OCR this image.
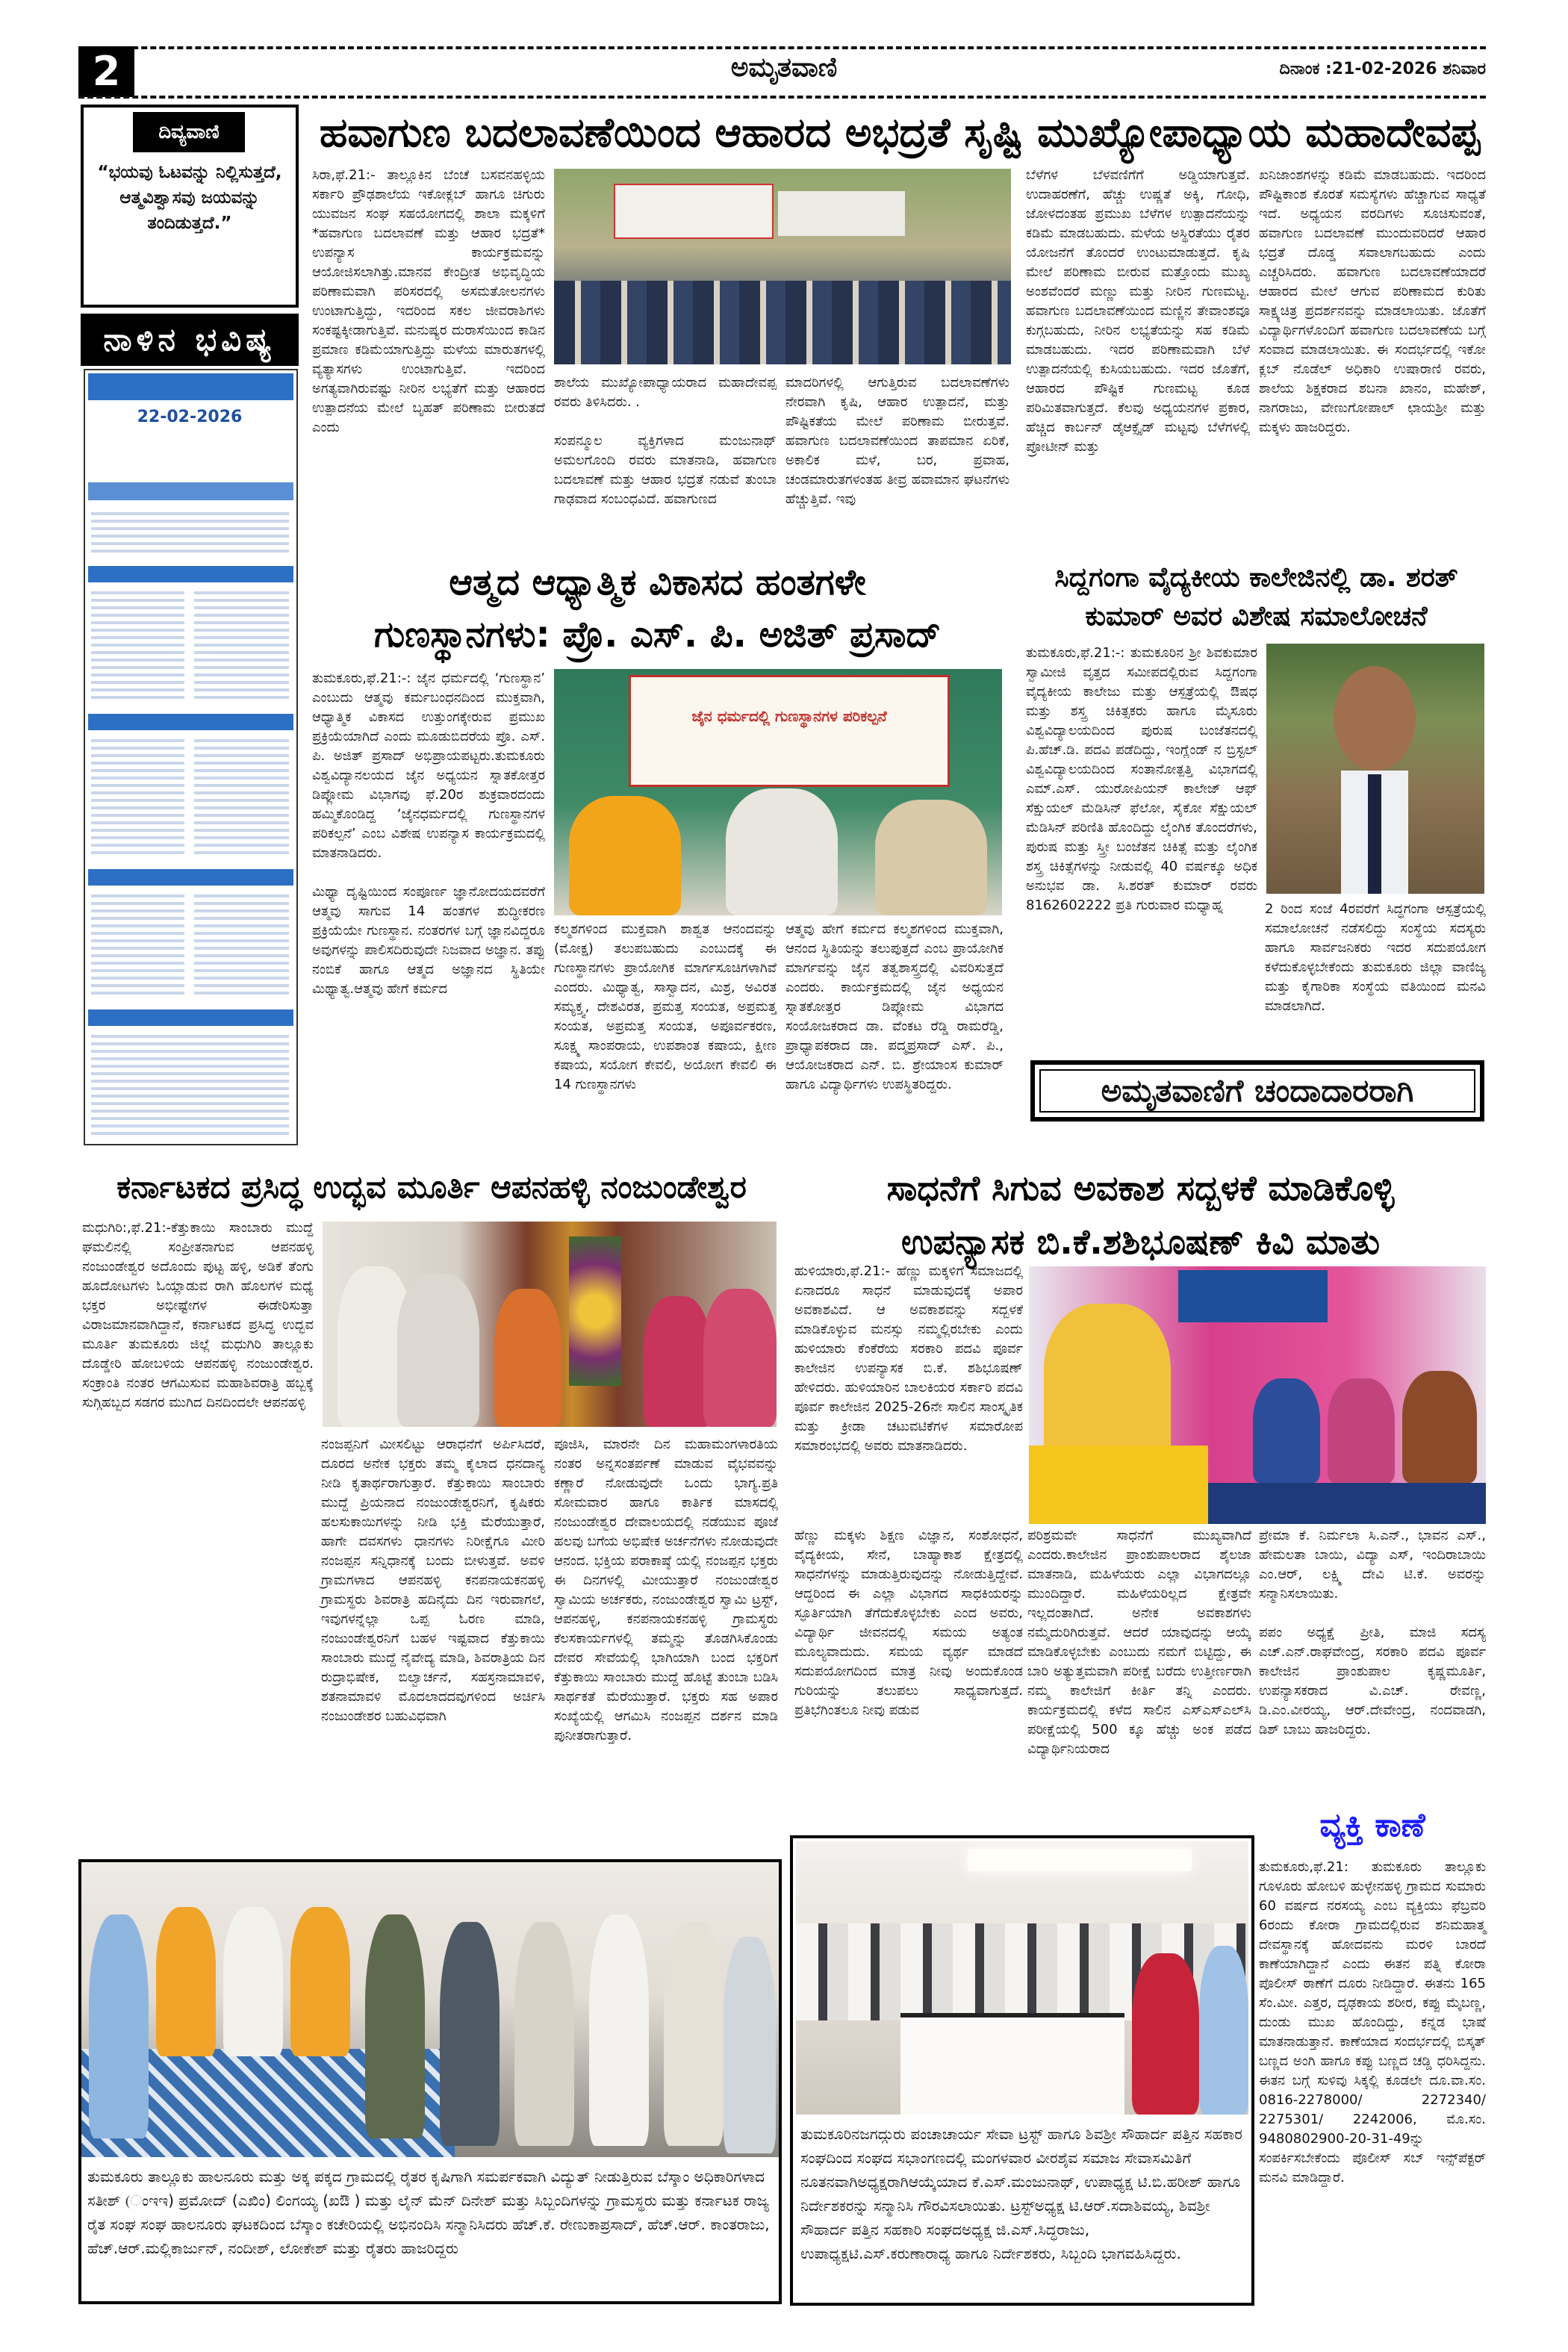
2	ಅಮೃತವಾಣಿ	ದಿನಾಂಕ :21-02-2026 ಶನಿವಾರ
ದಿವ್ಯವಾಣಿ
“ಭಯವು ಓಟವನ್ನು ನಿಲ್ಲಿಸುತ್ತದೆ, ಆತ್ಮವಿಶ್ವಾಸವು ಜಯವನ್ನು ತಂದಿಡುತ್ತದೆ.”
ನಾಳಿನ ಭವಿಷ್ಯ
22-02-2026
ಹವಾಗುಣ ಬದಲಾವಣೆಯಿಂದ ಆಹಾರದ ಅಭದ್ರತೆ ಸೃಷ್ಟಿ ಮುಖ್ಯೋಪಾಧ್ಯಾಯ ಮಹಾದೇವಪ್ಪ

ಸಿರಾ,ಫೆ.21:- ತಾಲ್ಲೂಕಿನ ಬೆಂಚೆ ಬಸವನಹಳ್ಳಿಯ ಸರ್ಕಾರಿ ಪ್ರೌಢಶಾಲೆಯ ಇಕೋಕ್ಲಬ್ ಹಾಗೂ ಚಿಗುರು ಯುವಜನ ಸಂಘ ಸಹಯೋಗದಲ್ಲಿ ಶಾಲಾ ಮಕ್ಕಳಿಗೆ *ಹವಾಗುಣ ಬದಲಾವಣೆ ಮತ್ತು ಆಹಾರ ಭದ್ರತೆ* ಉಪನ್ಯಾಸ ಕಾರ್ಯಕ್ರಮವನ್ನು ಆಯೋಜಿಸಲಾಗಿತ್ತು.ಮಾನವ ಕೇಂದ್ರೀತ ಅಭಿವೃದ್ಧಿಯ ಪರಿಣಾಮವಾಗಿ ಪರಿಸರದಲ್ಲಿ ಅಸಮತೋಲನಗಳು ಉಂಟಾಗುತ್ತಿದ್ದು, ಇದರಿಂದ ಸಕಲ ಜೀವರಾಶಿಗಳು ಸಂಕಷ್ಟಕ್ಕೀಡಾಗುತ್ತಿವೆ. ಮನುಷ್ಯರ ದುರಾಸೆಯಿಂದ ಕಾಡಿನ ಪ್ರಮಾಣ ಕಡಿಮೆಯಾಗುತ್ತಿದ್ದು ಮಳೆಯ ಮಾರುತಗಳಲ್ಲಿ ವ್ಯತ್ಯಾಸಗಳು ಉಂಟಾಗುತ್ತಿವೆ. ಇದರಿಂದ ಅಗತ್ಯವಾಗಿರುವಷ್ಟು ನೀರಿನ ಲಭ್ಯತೆಗೆ ಮತ್ತು ಆಹಾರದ ಉತ್ಪಾದನೆಯ ಮೇಲೆ ಬೃಹತ್ ಪರಿಣಾಮ ಬೀರುತದೆ ಎಂದು

ಶಾಲೆಯ ಮುಖ್ಯೋಪಾಧ್ಯಾಯರಾದ ಮಹಾದೇವಪ್ಪ ರವರು ತಿಳಿಸಿದರು. .

ಸಂಪನ್ಮೂಲ ವ್ಯಕ್ತಿಗಳಾದ ಮಂಜುನಾಥ್ ಅಮಲಗೊಂದಿ ರವರು ಮಾತನಾಡಿ, ಹವಾಗುಣ ಬದಲಾವಣೆ ಮತ್ತು ಆಹಾರ ಭದ್ರತೆ ನಡುವೆ ತುಂಬಾ ಗಾಢವಾದ ಸಂಬಂಧವಿದೆ. ಹವಾಗುಣದ

ಮಾದರಿಗಳಲ್ಲಿ ಆಗುತ್ತಿರುವ ಬದಲಾವಣೆಗಳು ನೇರವಾಗಿ ಕೃಷಿ, ಆಹಾರ ಉತ್ಪಾದನೆ, ಮತ್ತು ಪೌಷ್ಟಿಕತೆಯ ಮೇಲೆ ಪರಿಣಾಮ ಬೀರುತ್ತವೆ. ಹವಾಗುಣ ಬದಲಾವಣೆಯಿಂದ ತಾಪಮಾನ ಏರಿಕೆ, ಅಕಾಲಿಕ ಮಳೆ, ಬರ, ಪ್ರವಾಹ, ಚಂಡಮಾರುತಗಳಂತಹ ತೀವ್ರ ಹವಾಮಾನ ಘಟನೆಗಳು ಹೆಚ್ಚುತ್ತಿವೆ. ಇವು

ಬೆಳೆಗಳ ಬೆಳವಣಿಗೆಗೆ ಅಡ್ಡಿಯಾಗುತ್ತವೆ. ಉದಾಹರಣೆಗೆ, ಹೆಚ್ಚು ಉಷ್ಣತೆ ಅಕ್ಕಿ, ಗೋಧಿ, ಜೋಳದಂತಹ ಪ್ರಮುಖ ಬೆಳೆಗಳ ಉತ್ಪಾದನೆಯನ್ನು ಕಡಿಮೆ ಮಾಡಬಹುದು. ಮಳೆಯ ಅಸ್ಥಿರತೆಯು ರೈತರ ಯೋಜನೆಗೆ ತೊಂದರೆ ಉಂಟುಮಾಡುತ್ತದೆ. ಕೃಷಿ ಮೇಲೆ ಪರಿಣಾಮ ಬೀರುವ ಮತ್ತೊಂದು ಮುಖ್ಯ ಅಂಶವೆಂದರೆ ಮಣ್ಣು ಮತ್ತು ನೀರಿನ ಗುಣಮಟ್ಟ. ಹವಾಗುಣ ಬದಲಾವಣೆಯಿಂದ ಮಣ್ಣಿನ ತೇವಾಂಶವೂ ಕುಗ್ಗಬಹುದು, ನೀರಿನ ಲಭ್ಯತೆಯನ್ನು ಸಹ ಕಡಿಮೆ ಮಾಡಬಹುದು. ಇದರ ಪರಿಣಾಮವಾಗಿ ಬೆಳೆ ಉತ್ಪಾದನೆಯಲ್ಲಿ ಕುಸಿಯಬಹುದು. ಇದರ ಜೊತೆಗೆ, ಆಹಾರದ ಪೌಷ್ಟಿಕ ಗುಣಮಟ್ಟ ಕೂಡ ಪರಿಮಿತವಾಗುತ್ತದೆ. ಕೆಲವು ಅಧ್ಯಯನಗಳ ಪ್ರಕಾರ, ಹೆಚ್ಚಿದ ಕಾರ್ಬನ್ ಡೈಆಕ್ಸೈಡ್ ಮಟ್ಟವು ಬೆಳೆಗಳಲ್ಲಿ ಪ್ರೋಟೀನ್ ಮತ್ತು

ಖನಿಜಾಂಶಗಳನ್ನು ಕಡಿಮೆ ಮಾಡಬಹುದು. ಇದರಿಂದ ಪೌಷ್ಟಿಕಾಂಶ ಕೊರತೆ ಸಮಸ್ಯೆಗಳು ಹೆಚ್ಚಾಗುವ ಸಾಧ್ಯತೆ ಇದೆ. ಅಧ್ಯಯನ ವರದಿಗಳು ಸೂಚಿಸುವಂತೆ, ಹವಾಗುಣ ಬದಲಾವಣೆ ಮುಂದುವರಿದರೆ ಆಹಾರ ಭದ್ರತೆ ದೊಡ್ಡ ಸವಾಲಾಗಬಹುದು ಎಂದು ಎಚ್ಚರಿಸಿದರು. ಹವಾಗುಣ ಬದಲಾವಣೆಯಾದರೆ ಆಹಾರದ ಮೇಲೆ ಆಗುವ ಪರಿಣಾಮದ ಕುರಿತು ಸಾಕ್ಷ್ಯಚಿತ್ರ ಪ್ರದರ್ಶನವನ್ನು ಮಾಡಲಾಯಿತು. ಜೊತೆಗೆ ವಿದ್ಯಾರ್ಥಿಗಳೊಂದಿಗೆ ಹವಾಗುಣ ಬದಲಾವಣೆಯ ಬಗ್ಗೆ ಸಂವಾದ ಮಾಡಲಾಯಿತು. ಈ ಸಂದರ್ಭದಲ್ಲಿ ಇಕೋ ಕ್ಲಬ್ ನೊಡೆಲ್ ಅಧಿಕಾರಿ ಉಷಾರಾಣಿ ರವರು, ಶಾಲೆಯ ಶಿಕ್ಷಕರಾದ ಶಬನಾ ಖಾನಂ, ಮಹೇಶ್, ನಾಗರಾಜು, ವೇಣುಗೋಪಾಲ್ ಛಾಯಶ್ರೀ ಮತ್ತು ಮಕ್ಕಳು ಹಾಜರಿದ್ದರು.

ಆತ್ಮದ ಆಧ್ಯಾತ್ಮಿಕ ವಿಕಾಸದ ಹಂತಗಳೇ
ಗುಣಸ್ಥಾನಗಳು: ಪ್ರೊ. ಎಸ್. ಪಿ. ಅಜಿತ್ ಪ್ರಸಾದ್

ತುಮಕೂರು,ಫೆ.21:-: ಜೈನ ಧರ್ಮದಲ್ಲಿ ‘ಗುಣಸ್ಥಾನ’ ಎಂಬುದು ಆತ್ಮವು ಕರ್ಮಬಂಧನದಿಂದ ಮುಕ್ತವಾಗಿ, ಆಧ್ಯಾತ್ಮಿಕ ವಿಕಾಸದ ಉತ್ತುಂಗಕ್ಕೇರುವ ಪ್ರಮುಖ ಪ್ರಕ್ರಿಯೆಯಾಗಿದೆ ಎಂದು ಮೂಡುಬಿದರೆಯ ಪ್ರೊ. ಎಸ್. ಪಿ. ಅಜಿತ್ ಪ್ರಸಾದ್ ಅಭಿಪ್ರಾಯಪಟ್ಟರು.ತುಮಕೂರು ವಿಶ್ವವಿದ್ಯಾನಲಯದ ಜೈನ ಅಧ್ಯಯನ ಸ್ನಾತಕೋತ್ತರ ಡಿಪ್ಲೋಮ ವಿಭಾಗವು ಫೆ.20ರ ಶುಕ್ರವಾರದಂದು ಹಮ್ಮಿಕೊಂಡಿದ್ದ ‘ಜೈನಧರ್ಮದಲ್ಲಿ ಗುಣಸ್ಥಾನಗಳ ಪರಿಕಲ್ಪನೆ’ ಎಂಬ ವಿಶೇಷ ಉಪನ್ಯಾಸ ಕಾರ್ಯಕ್ರಮದಲ್ಲಿ ಮಾತನಾಡಿದರು.

ಮಿಥ್ಯಾ ದೃಷ್ಟಿಯಿಂದ ಸಂಪೂರ್ಣ ಜ್ಞಾನೋದಯದವರೆಗೆ ಆತ್ಮವು ಸಾಗುವ 14 ಹಂತಗಳ ಶುದ್ಧೀಕರಣ ಪ್ರಕ್ರಿಯೆಯೇ ಗುಣಸ್ಥಾನ. ನಂತರಗಳ ಬಗ್ಗೆ ಜ್ಞಾನವಿದ್ದರೂ ಅವುಗಳನ್ನು ಪಾಲಿಸದಿರುವುದೇ ನಿಜವಾದ ಅಜ್ಞಾನ. ತಪ್ಪು ನಂಬಿಕೆ ಹಾಗೂ ಆತ್ಮದ ಅಜ್ಞಾನದ ಸ್ಥಿತಿಯೇ ಮಿಥ್ಯಾತ್ವ.ಆತ್ಮವು ಹೇಗೆ ಕರ್ಮದ

ಜೈನ ಧರ್ಮದಲ್ಲಿ ಗುಣಸ್ಥಾನಗಳ ಪರಿಕಲ್ಪನೆ

ಕಲ್ಮಶಗಳಿಂದ ಮುಕ್ತವಾಗಿ ಶಾಶ್ವತ ಆನಂದವನ್ನು (ಮೋಕ್ಷ) ತಲುಪಬಹುದು ಎಂಬುದಕ್ಕೆ ಈ ಗುಣಸ್ಥಾನಗಳು ಪ್ರಾಯೋಗಿಕ ಮಾರ್ಗಸೂಚಿಗಳಾಗಿವೆ ಎಂದರು. ಮಿಥ್ಯಾತ್ವ, ಸಾಸ್ವಾದನ, ಮಿಶ್ರ, ಅವಿರತ ಸಮ್ಯಕ್ತ್ವ, ದೇಶವಿರತ, ಪ್ರಮತ್ತ ಸಂಯತ, ಅಪ್ರಮತ್ತ ಸಂಯತ, ಅಪ್ರಮತ್ತ ಸಂಯತ, ಅಪೂರ್ವಕರಣ, ಸೂಕ್ಷ್ಮ ಸಾಂಪರಾಯ, ಉಪಶಾಂತ ಕಷಾಯ, ಕ್ಷೀಣ ಕಷಾಯ, ಸಯೋಗ ಕೇವಲಿ, ಅಯೋಗ ಕೇವಲಿ ಈ 14 ಗುಣಸ್ಥಾನಗಳು

ಆತ್ಮವು ಹೇಗೆ ಕರ್ಮದ ಕಲ್ಮಶಗಳಿಂದ ಮುಕ್ತವಾಗಿ, ಆನಂದ ಸ್ಥಿತಿಯನ್ನು ತಲುಪುತ್ತದೆ ಎಂಬ ಪ್ರಾಯೋಗಿಕ ಮಾರ್ಗವನ್ನು ಜೈನ ತತ್ವಶಾಸ್ತ್ರದಲ್ಲಿ ವಿವರಿಸುತ್ತದೆ ಎಂದರು. ಕಾರ್ಯಕ್ರಮದಲ್ಲಿ ಜೈನ ಅಧ್ಯಯನ ಸ್ನಾತಕೋತ್ತರ ಡಿಪ್ಲೋಮ ವಿಭಾಗದ ಸಂಯೋಜಕರಾದ ಡಾ. ವೆಂಕಟ ರೆಡ್ಡಿ ರಾಮರೆಡ್ಡಿ, ಪ್ರಾಧ್ಯಾಪಕರಾದ ಡಾ. ಪದ್ಮಪ್ರಸಾದ್ ಎಸ್. ಪಿ., ಆಯೋಜಕರಾದ ಎನ್. ಬಿ. ಶ್ರೇಯಾಂಸ ಕುಮಾರ್ ಹಾಗೂ ವಿದ್ಯಾರ್ಥಿಗಳು ಉಪಸ್ಥಿತರಿದ್ದರು.

ಸಿದ್ದಗಂಗಾ ವೈದ್ಯಕೀಯ ಕಾಲೇಜಿನಲ್ಲಿ ಡಾ. ಶರತ್ ಕುಮಾರ್ ಅವರ ವಿಶೇಷ ಸಮಾಲೋಚನೆ

ತುಮಕೂರು,ಫೆ.21:-: ತುಮಕೂರಿನ ಶ್ರೀ ಶಿವಕುಮಾರ ಸ್ವಾಮೀಜಿ ವೃತ್ತದ ಸಮೀಪದಲ್ಲಿರುವ ಸಿದ್ದಗಂಗಾ ವೈದ್ಯಕೀಯ ಕಾಲೇಜು ಮತ್ತು ಆಸ್ಪತ್ರೆಯಲ್ಲಿ ಔಷಧ ಮತ್ತು ಶಸ್ತ್ರ ಚಿಕಿತ್ಸಕರು ಹಾಗೂ ಮೈಸೂರು ವಿಶ್ವವಿದ್ಯಾಲಯದಿಂದ ಪುರುಷ ಬಂಜೆತನದಲ್ಲಿ ಪಿ.ಹೆಚ್.ಡಿ. ಪದವಿ ಪಡೆದಿದ್ದು, ಇಂಗ್ಲೆಂಡ್ ನ ಬ್ರಿಸ್ಟಲ್ ವಿಶ್ವವಿದ್ಯಾಲಯದಿಂದ ಸಂತಾನೋತ್ಪತ್ತಿ ವಿಭಾಗದಲ್ಲಿ ಎಮ್.ಎಸ್. ಯುರೋಪಿಯನ್ ಕಾಲೇಜ್ ಆಫ್ ಸೆಕ್ಷುಯಲ್ ಮೆಡಿಸಿನ್ ಫೆಲೋ, ಸೈಕೋ ಸೆಕ್ಷುಯಲ್ ಮೆಡಿಸಿನ್ ಪರಿಣಿತಿ ಹೊಂದಿದ್ದು ಲೈಂಗಿಕ ತೊಂದರೆಗಳು, ಪುರುಷ ಮತ್ತು ಸ್ತ್ರೀ ಬಂಜೆತನ ಚಿಕಿತ್ಸೆ ಮತ್ತು ಲೈಂಗಿಕ ಶಸ್ತ್ರ ಚಿಕಿತ್ಸೆಗಳನ್ನು ನೀಡುವಲ್ಲಿ 40 ವರ್ಷಕ್ಕೂ ಅಧಿಕ ಅನುಭವ ಡಾ. ಸಿ.ಶರತ್ ಕುಮಾರ್ ರವರು 8162602222 ಪ್ರತಿ ಗುರುವಾರ ಮಧ್ಯಾಹ್ನ	2 ರಿಂದ ಸಂಜೆ 4ರವರೆಗೆ ಸಿದ್ಧಗಂಗಾ ಆಸ್ಪತ್ರೆಯಲ್ಲಿ ಸಮಾಲೋಚನೆ ನಡೆಸಲಿದ್ದು ಸಂಸ್ಥೆಯ ಸದಸ್ಯರು ಹಾಗೂ ಸಾರ್ವಜನಿಕರು ಇದರ ಸದುಪಯೋಗ ಕಳೆದುಕೊಳ್ಳಬೇಕೆಂದು ತುಮಕೂರು ಜಿಲ್ಲಾ ವಾಣಿಜ್ಯ ಮತ್ತು ಕೈಗಾರಿಕಾ ಸಂಸ್ಥೆಯ ವತಿಯಿಂದ ಮನವಿ ಮಾಡಲಾಗಿದೆ.

ಅಮೃತವಾಣಿಗೆ ಚಂದಾದಾರರಾಗಿ
ಕರ್ನಾಟಕದ ಪ್ರಸಿದ್ಧ ಉದ್ಭವ ಮೂರ್ತಿ ಆಪನಹಳ್ಳಿ ನಂಜುಂಡೇಶ್ವರ

ಮಧುಗಿರಿ:,ಫೆ.21:-ಕೆತ್ತುಕಾಯಿ ಸಾಂಬಾರು ಮುದ್ದೆ ಘಮಲಿನಲ್ಲಿ ಸಂಪ್ರೀತನಾಗುವ ಆಪನಹಳ್ಳಿ ನಂಜುಂಡೇಶ್ವರ ಅದೊಂದು ಪುಟ್ಟ ಹಳ್ಳಿ, ಅಡಿಕೆ ತೆಂಗು ಹೂದೋಟಗಳು ಓಯ್ಲಾಡುವ ರಾಗಿ ಹೊಲಗಳ ಮಧ್ಯೆ ಭಕ್ತರ ಅಭೀಷ್ಟೇಗಳ ಈಡೇರಿಸುತ್ತಾ ವಿರಾಜಮಾನವಾಗಿದ್ದಾನೆ, ಕರ್ನಾಟಕದ ಪ್ರಸಿದ್ಧ ಉದ್ಭವ ಮೂರ್ತಿ ತುಮಕೂರು ಜಿಲ್ಲೆ ಮಧುಗಿರಿ ತಾಲ್ಲೂಕು ದೊಡ್ಡೇರಿ ಹೋಬಳಿಯ ಆಪನಹಳ್ಳಿ ನಂಜುಂಡೇಶ್ವರ. ಸಂಕ್ರಾಂತಿ ನಂತರ ಆಗಮಿಸುವ ಮಹಾಶಿವರಾತ್ರಿ ಹಬ್ಬಕ್ಕೆ ಸುಗ್ಗಿಹಬ್ಬದ ಸಡಗರ ಮುಗಿದ ದಿನದಿಂದಲೇ ಆಪನಹಳ್ಳಿ

ನಂಜಪ್ಪನಿಗೆ ಮೀಸಲಿಟ್ಟು ಆರಾಧನೆಗೆ ಅರ್ಪಿಸಿದರೆ, ದೂರದ ಅನೇಕ ಭಕ್ತರು ತಮ್ಮ ಕೈಲಾದ ಧನದಾನ್ಯ ನೀಡಿ ಕೃತಾರ್ಥರಾಗುತ್ತಾರೆ. ಕೆತ್ತುಕಾಯಿ ಸಾಂಬಾರು ಮುದ್ದೆ ಪ್ರಿಯನಾದ ನಂಜುಂಡೇಶ್ವರನಿಗೆ, ಕೃಷಿಕರು ಹಲಸುಕಾಯಿಗಳನ್ನು ನೀಡಿ ಭಕ್ತಿ ಮೆರೆಯುತ್ತಾರೆ, ಹಾಗೇ ದವಸಗಳು ಧಾನಗಳು ನಿರೀಕ್ಷೆಗೂ ಮೀರಿ ನಂಜಪ್ಪನ ಸನ್ನಿಧಾನಕ್ಕೆ ಬಂದು ಬೀಳುತ್ತವೆ. ಅವಳಿ ಗ್ರಾಮಗಳಾದ ಆಪನಹಳ್ಳಿ ಕನಪನಾಯಕನಹಳ್ಳಿ ಗ್ರಾಮಸ್ಥರು ಶಿವರಾತ್ರಿ ಹದಿನೈದು ದಿನ ಇರುವಾಗಲೆ, ಇವುಗಳನ್ನೆಲ್ಲಾ ಒಪ್ಪ ಓರಣ ಮಾಡಿ, ನಂಜುಂಡೇಶ್ವರನಿಗೆ ಬಹಳ ಇಷ್ಟವಾದ ಕೆತ್ತುಕಾಯಿ ಸಾಂಬಾರು ಮುದ್ದೆ ನೈವೇದ್ಯ ಮಾಡಿ, ಶಿವರಾತ್ರಿಯ ದಿನ ರುದ್ರಾಭಿಷೇಕ, ಬಿಲ್ವಾರ್ಚನೆ, ಸಹಸ್ರನಾಮಾವಳಿ, ಶತನಾಮಾವಳಿ ಮೊದಲಾದದವುಗಳಿಂದ ಅರ್ಚಿಸಿ ನಂಜುಂಡೇಶರ ಬಹುವಿಧವಾಗಿ

ಪೂಜಿಸಿ, ಮಾರನೇ ದಿನ ಮಹಾಮಂಗಳಾರತಿಯ ನಂತರ ಅನ್ನಸಂತರ್ಪಣೆ ಮಾಡುವ ವೈಭವವನ್ನು ಕಣ್ಣಾರೆ ನೋಡುವುದೇ ಒಂದು ಭಾಗ್ಯ.ಪ್ರತಿ ಸೋಮವಾರ ಹಾಗೂ ಕಾರ್ತಿಕ ಮಾಸದಲ್ಲಿ ನಂಜುಂಡೇಶ್ವರ ದೇವಾಲಯದಲ್ಲಿ ನಡೆಯುವ ಪೂಜೆ ಹಲವು ಬಗೆಯ ಅಭಿಷೇಕ ಅರ್ಚನೆಗಳು ನೋಡುವುದೇ ಆನಂದ. ಭಕ್ತಿಯ ಪರಾಕಾಷ್ಠೆ ಯಲ್ಲಿ ನಂಜಪ್ಪನ ಭಕ್ತರು ಈ ದಿನಗಳಲ್ಲಿ ಮೀಯುತ್ತಾರೆ ನಂಜುಂಡೇಶ್ವರ ಸ್ವಾಮಿಯ ಅರ್ಚಕರು, ನಂಜುಂಡೇಶ್ವರ ಸ್ವಾಮಿ ಟ್ರಸ್ಟ್, ಆಪನಹಳ್ಳಿ, ಕನಪನಾಯಕನಹಳ್ಳಿ ಗ್ರಾಮಸ್ಥರು ಕೆಲಸಕಾರ್ಯಗಳಲ್ಲಿ ತಮ್ಮನ್ನು ತೊಡಗಿಸಿಕೊಂಡು ದೇವರ ಸೇವೆಯಲ್ಲಿ ಭಾಗಿಯಾಗಿ ಬಂದ ಭಕ್ತರಿಗೆ ಕೆತ್ತುಕಾಯಿ ಸಾಂಬಾರು ಮುದ್ದೆ ಹೊಟ್ಟೆ ತುಂಬಾ ಬಡಿಸಿ ಸಾರ್ಥಕತೆ ಮೆರೆಯುತ್ತಾರೆ. ಭಕ್ತರು ಸಹ ಅಪಾರ ಸಂಖ್ಯೆಯಲ್ಲಿ ಆಗಮಿಸಿ ನಂಜಪ್ಪನ ದರ್ಶನ ಮಾಡಿ ಪುನೀತರಾಗುತ್ತಾರೆ.

ಸಾಧನೆಗೆ ಸಿಗುವ ಅವಕಾಶ ಸದ್ಬಳಕೆ ಮಾಡಿಕೊಳ್ಳಿ
ಉಪನ್ಯಾಸಕ ಬಿ.ಕೆ.ಶಶಿಭೂಷಣ್ ಕಿವಿ ಮಾತು

ಹುಳಿಯಾರು,ಫೆ.21:- ಹೆಣ್ಣು ಮಕ್ಕಳಿಗೆ ಸಮಾಜದಲ್ಲಿ ಏನಾದರೂ ಸಾಧನೆ ಮಾಡುವುದಕ್ಕೆ ಅಪಾರ ಅವಕಾಶವಿದೆ. ಆ ಅವಕಾಶವನ್ನು ಸದ್ಬಳಕೆ ಮಾಡಿಕೊಳ್ಳುವ ಮನಸ್ಸು ನಮ್ಮಲ್ಲಿರಬೇಕು ಎಂದು ಹುಳಿಯಾರು ಕೆಂಕೆರೆಯ ಸರಕಾರಿ ಪದವಿ ಪೂರ್ವ ಕಾಲೇಜಿನ ಉಪನ್ಯಾಸಕ ಬಿ.ಕೆ. ಶಶಿಭೂಷಣ್ ಹೇಳಿದರು. ಹುಳಿಯಾರಿನ ಬಾಲಕಿಯರ ಸರ್ಕಾರಿ ಪದವಿ ಪೂರ್ವ ಕಾಲೇಜಿನ 2025-26ನೇ ಸಾಲಿನ ಸಾಂಸ್ಕೃತಿಕ ಮತ್ತು ಕ್ರೀಡಾ ಚಟುವಟಿಕೆಗಳ ಸಮಾರೋಪ ಸಮಾರಂಭದಲ್ಲಿ ಅವರು ಮಾತನಾಡಿದರು.

ಹೆಣ್ಣು ಮಕ್ಕಳು ಶಿಕ್ಷಣ ವಿಜ್ಞಾನ, ಸಂಶೋಧನೆ, ವೈದ್ಯಕೀಯ, ಸೇನೆ, ಬಾಹ್ಯಾಕಾಶ ಕ್ಷೇತ್ರದಲ್ಲಿ ಸಾಧನೆಗಳನ್ನು ಮಾಡುತ್ತಿರುವುದನ್ನು ನೋಡುತ್ತಿದ್ದೇವೆ. ಆದ್ದರಿಂದ ಈ ಎಲ್ಲಾ ವಿಭಾಗದ ಸಾಧಕಿಯರನ್ನು ಸ್ಫೂರ್ತಿಯಾಗಿ ತೆಗೆದುಕೊಳ್ಳಬೇಕು ಎಂದ ಅವರು, ವಿದ್ಯಾರ್ಥಿ ಜೀವನದಲ್ಲಿ ಸಮಯ ಅತ್ಯಂತ ಮೂಲ್ಯವಾದುದು. ಸಮಯ ವ್ಯರ್ಥ ಮಾಡದೆ ಸದುಪಯೋಗದಿಂದ ಮಾತ್ರ ನೀವು ಅಂದುಕೊಂಡ ಗುರಿಯನ್ನು ತಲುಪಲು ಸಾಧ್ಯವಾಗುತ್ತದೆ. ಪ್ರತಿಭೆಗಿಂತಲೂ ನೀವು ಪಡುವ

ಪರಿಶ್ರಮವೇ ಸಾಧನೆಗೆ ಮುಖ್ಯವಾಗಿದೆ ಎಂದರು.ಕಾಲೇಜಿನ ಪ್ರಾಂಶುಪಾಲರಾದ ಶೈಲಜಾ ಮಾತನಾಡಿ, ಮಹಿಳೆಯರು ಎಲ್ಲಾ ವಿಭಾಗದಲ್ಲೂ ಮುಂದಿದ್ದಾರೆ. ಮಹಿಳೆಯರಿಲ್ಲದ ಕ್ಷೇತ್ರವೇ ಇಲ್ಲದಂತಾಗಿದೆ. ಅನೇಕ ಅವಕಾಶಗಳು ನಮ್ಮೆದುರಿಗಿರುತ್ತವೆ. ಆದರೆ ಯಾವುದನ್ನು ಆಯ್ಕೆ ಮಾಡಿಕೊಳ್ಳಬೇಕು ಎಂಬುದು ನಮಗೆ ಬಿಟ್ಟಿದ್ದು, ಈ ಬಾರಿ ಅತ್ಯುತ್ತಮವಾಗಿ ಪರೀಕ್ಷೆ ಬರೆದು ಉತ್ತೀರ್ಣರಾಗಿ ನಮ್ಮ ಕಾಲೇಜಿಗೆ ಕೀರ್ತಿ ತನ್ನಿ ಎಂದರು. ಕಾರ್ಯಕ್ರಮದಲ್ಲಿ ಕಳೆದ ಸಾಲಿನ ಎಸ್ಎಸ್ಎಲ್‌ಸಿ ಪರೀಕ್ಷೆಯಲ್ಲಿ 500 ಕ್ಕೂ ಹೆಚ್ಚು ಅಂಕ ಪಡೆದ ವಿದ್ಯಾರ್ಥಿನಿಯರಾದ

ಪ್ರೇಮಾ ಕೆ. ನಿರ್ಮಲಾ ಸಿ.ಎನ್., ಭಾವನ ಎಸ್., ಹೇಮಲತಾ ಬಾಯಿ, ವಿದ್ಯಾ ಎಸ್, ಇಂದಿರಾಬಾಯಿ ಎಂ.ಆರ್, ಲಕ್ಷ್ಮಿ ದೇವಿ ಟಿ.ಕೆ. ಅವರನ್ನು ಸನ್ಮಾನಿಸಲಾಯಿತು.

ಪಪಂ ಅಧ್ಯಕ್ಷೆ ಪ್ರೀತಿ, ಮಾಜಿ ಸದಸ್ಯ ಎಚ್.ಎನ್.ರಾಘವೇಂದ್ರ, ಸರಕಾರಿ ಪದವಿ ಪೂರ್ವ ಕಾಲೇಜಿನ ಪ್ರಾಂಶುಪಾಲ ಕೃಷ್ಣಮೂರ್ತಿ, ಉಪನ್ಯಾಸಕರಾದ ವಿ.ಎಚ್. ರೇವಣ್ಣ, ಡಿ.ಎಂ.ವೀರಯ್ಯ, ಆರ್.ದೇವೇಂದ್ರ, ನಂದವಾಡಗಿ, ಡಿಶ್ ಬಾಬು ಹಾಜರಿದ್ದರು.

ವ್ಯಕ್ತಿ ಕಾಣೆ

ತುಮಕೂರು,ಫೆ.21: ತುಮಕೂರು ತಾಲ್ಲೂಕು ಗೂಳೂರು ಹೋಬಳಿ ಹುಳ್ಳೇನಹಳ್ಳಿ ಗ್ರಾಮದ ಸುಮಾರು 60 ವರ್ಷದ ನರಸಯ್ಯ ಎಂಬ ವ್ಯಕ್ತಿಯು ಫೆಬ್ರವರಿ 6ರಂದು ಕೋರಾ ಗ್ರಾಮದಲ್ಲಿರುವ ಶನಿಮಹಾತ್ಮ ದೇವಸ್ಥಾನಕ್ಕೆ ಹೋದವನು ಮರಳಿ ಬಾರದೆ ಕಾಣೆಯಾಗಿದ್ದಾನೆ ಎಂದು ಈತನ ಪತ್ನಿ ಕೋರಾ ಪೊಲೀಸ್ ಠಾಣೆಗೆ ದೂರು ನೀಡಿದ್ದಾರೆ. ಈತನು 165 ಸೆಂ.ಮೀ. ಎತ್ತರ, ದೃಢಕಾಯ ಶರೀರ, ಕಪ್ಪು ಮೈಬಣ್ಣ, ದುಂಡು ಮುಖ ಹೊಂದಿದ್ದು, ಕನ್ನಡ ಭಾಷೆ ಮಾತನಾಡುತ್ತಾನೆ. ಕಾಣೆಯಾದ ಸಂದರ್ಭದಲ್ಲಿ ಬಿಸ್ಕತ್ ಬಣ್ಣದ ಅಂಗಿ ಹಾಗೂ ಕಪ್ಪು ಬಣ್ಣದ ಚಡ್ಡಿ ಧರಿಸಿದ್ದನು. ಈತನ ಬಗ್ಗೆ ಸುಳಿವು ಸಿಕ್ಕಲ್ಲಿ ಕೂಡಲೇ ದೂ.ವಾ.ಸಂ. 0816-2278000/ 2272340/ 2275301/ 2242006, ಮೊ.ಸಂ. 9480802900-20-31-49ನ್ನು ಸಂಪರ್ಕಿಸಬೇಕೆಂದು ಪೊಲೀಸ್ ಸಬ್ ಇನ್ಸ್‌ಪೆಕ್ಟರ್ ಮನವಿ ಮಾಡಿದ್ದಾರೆ.

ತುಮಕೂರು ತಾಲ್ಲೂಕು ಹಾಲನೂರು ಮತ್ತು ಅಕ್ಕ ಪಕ್ಕದ ಗ್ರಾಮದಲ್ಲಿ ರೈತರ ಕೃಷಿಗಾಗಿ ಸಮರ್ಪಕವಾಗಿ ವಿದ್ಯುತ್ ನೀಡುತ್ತಿರುವ ಬೆಸ್ಕಾಂ ಅಧಿಕಾರಿಗಳಾದ ಸತೀಶ್ (ಂಇಇ) ಪ್ರಮೋದ್ (ಎಖಿಂ) ಲಿಂಗಯ್ಯ (ಖಔ ) ಮತ್ತು ಲೈನ್ ಮೆನ್ ದಿನೇಶ್ ಮತ್ತು ಸಿಬ್ಬಂದಿಗಳನ್ನು ಗ್ರಾಮಸ್ಥರು ಮತ್ತು ಕರ್ನಾಟಕ ರಾಜ್ಯ ರೈತ ಸಂಘ ಸಂಘ ಹಾಲನೂರು ಘಟಕದಿಂದ ಬೆಸ್ಕಾಂ ಕಚೇರಿಯಲ್ಲಿ ಅಭಿನಂದಿಸಿ ಸನ್ಮಾನಿಸಿದರು ಹೆಚ್.ಕೆ. ರೇಣುಕಾಪ್ರಸಾದ್, ಹೆಚ್.ಆರ್. ಕಾಂತರಾಜು, ಹೆಚ್.ಆರ್.ಮಲ್ಲಿಕಾರ್ಜುನ್, ನಂದೀಶ್, ಲೋಕೇಶ್ ಮತ್ತು ರೈತರು ಹಾಜರಿದ್ದರು
ತುಮಕೂರಿನಜಗದ್ಗುರು ಪಂಚಾಚಾರ್ಯ ಸೇವಾ ಟ್ರಸ್ಟ್ ಹಾಗೂ ಶಿವಶ್ರೀ ಸೌಹಾರ್ದ ಪತ್ತಿನ ಸಹಕಾರ ಸಂಘದಿಂದ ಸಂಘದ ಸಭಾಂಗಣದಲ್ಲಿ ಮಂಗಳವಾರ ವೀರಶೈವ ಸಮಾಜ ಸೇವಾಸಮಿತಿಗೆ ನೂತನವಾಗಿಅಧ್ಯಕ್ಷರಾಗಿಆಯ್ಕೆಯಾದ ಕೆ.ಎಸ್.ಮಂಜುನಾಥ್, ಉಪಾಧ್ಯಕ್ಷ ಟಿ.ಬಿ.ಹರೀಶ್ ಹಾಗೂ ನಿರ್ದೇಶಕರನ್ನು ಸನ್ಮಾನಿಸಿ ಗೌರವಿಸಲಾಯಿತು. ಟ್ರಸ್ಟ್ಅಧ್ಯಕ್ಷ ಟಿ.ಆರ್.ಸದಾಶಿವಯ್ಯ, ಶಿವಶ್ರೀ ಸೌಹಾರ್ದ ಪತ್ತಿನ ಸಹಕಾರಿ ಸಂಘದಅಧ್ಯಕ್ಷ ಜಿ.ಎಸ್.ಸಿದ್ಧರಾಜು, ಉಪಾಧ್ಯಕ್ಷಟಿ.ಎಸ್.ಕರುಣಾರಾಧ್ಯ ಹಾಗೂ ನಿರ್ದೇಶಕರು, ಸಿಬ್ಬಂದಿ ಭಾಗವಹಿಸಿದ್ದರು.
